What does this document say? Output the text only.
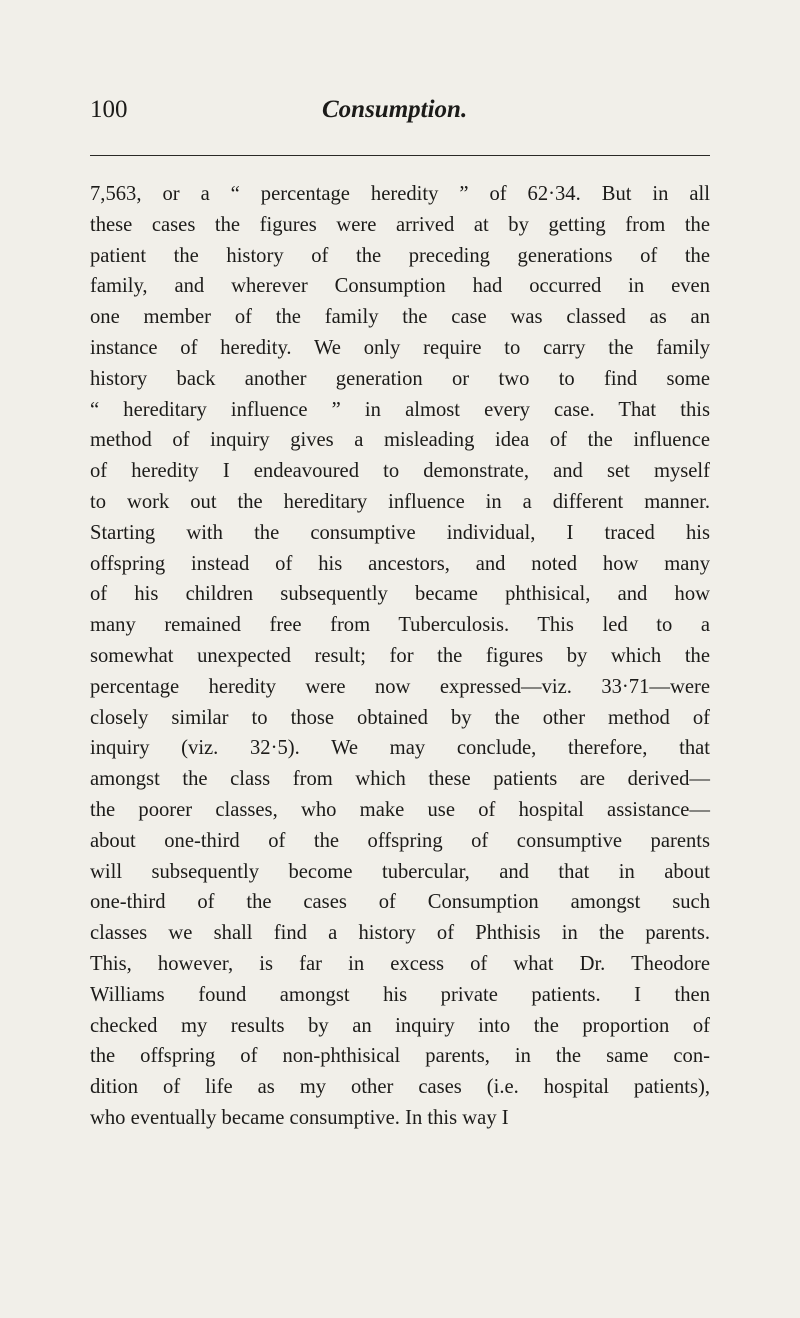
100	Consumption.
7,563, or a “ percentage heredity ” of 62·34. But in all
these cases the figures were arrived at by getting from the
patient the history of the preceding generations of the
family, and wherever Consumption had occurred in even
one member of the family the case was classed as an
instance of heredity. We only require to carry the family
history back another generation or two to find some
“ hereditary influence ” in almost every case. That this
method of inquiry gives a misleading idea of the influence
of heredity I endeavoured to demonstrate, and set myself
to work out the hereditary influence in a different manner.
Starting with the consumptive individual, I traced his
offspring instead of his ancestors, and noted how many
of his children subsequently became phthisical, and how
many remained free from Tuberculosis. This led to a
somewhat unexpected result; for the figures by which the
percentage heredity were now expressed—viz. 33·71—were
closely similar to those obtained by the other method of
inquiry (viz. 32·5). We may conclude, therefore, that
amongst the class from which these patients are derived—
the poorer classes, who make use of hospital assistance—
about one-third of the offspring of consumptive parents
will subsequently become tubercular, and that in about
one-third of the cases of Consumption amongst such
classes we shall find a history of Phthisis in the parents.
This, however, is far in excess of what Dr. Theodore
Williams found amongst his private patients. I then
checked my results by an inquiry into the proportion of
the offspring of non-phthisical parents, in the same con-
dition of life as my other cases (i.e. hospital patients),
who eventually became consumptive. In this way I
